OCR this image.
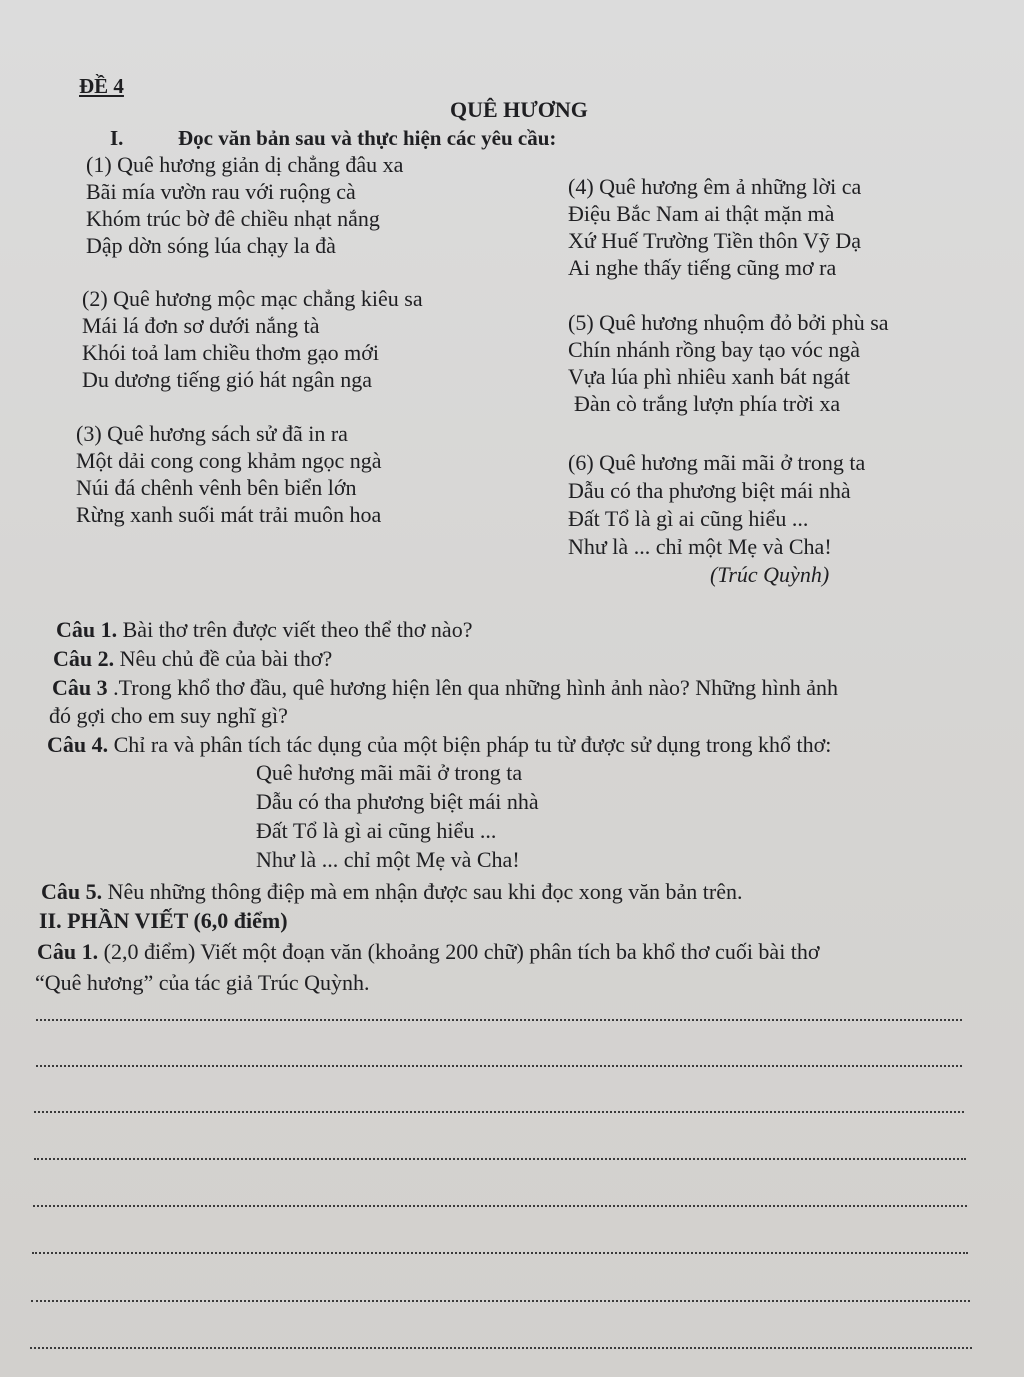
ĐỀ 4
QUÊ HƯƠNG
I.	Đọc văn bản sau và thực hiện các yêu cầu:
(1) Quê hương giản dị chẳng đâu xa
Bãi mía vườn rau với ruộng cà
Khóm trúc bờ đê chiều nhạt nắng
Dập dờn sóng lúa chạy la đà
(2) Quê hương mộc mạc chẳng kiêu sa
Mái lá đơn sơ dưới nắng tà
Khói toả lam chiều thơm gạo mới
Du dương tiếng gió hát ngân nga
(3) Quê hương sách sử đã in ra
Một dải cong cong khảm ngọc ngà
Núi đá chênh vênh bên biển lớn
Rừng xanh suối mát trải muôn hoa
(4) Quê hương êm ả những lời ca
Điệu Bắc Nam ai thật mặn mà
Xứ Huế Trường Tiền thôn Vỹ Dạ
Ai nghe thấy tiếng cũng mơ ra
(5) Quê hương nhuộm đỏ bởi phù sa
Chín nhánh rồng bay tạo vóc ngà
Vựa lúa phì nhiêu xanh bát ngát
Đàn cò trắng lượn phía trời xa
(6) Quê hương mãi mãi ở trong ta
Dẫu có tha phương biệt mái nhà
Đất Tổ là gì ai cũng hiểu ...
Như là ... chỉ một Mẹ và Cha!
(Trúc Quỳnh)
Câu 1. Bài thơ trên được viết theo thể thơ nào?
Câu 2. Nêu chủ đề của bài thơ?
Câu 3 .Trong khổ thơ đầu, quê hương hiện lên qua những hình ảnh nào? Những hình ảnh
đó gợi cho em suy nghĩ gì?
Câu 4. Chỉ ra và phân tích tác dụng của một biện pháp tu từ được sử dụng trong khổ thơ:
Quê hương mãi mãi ở trong ta
Dẫu có tha phương biệt mái nhà
Đất Tổ là gì ai cũng hiểu ...
Như là ... chỉ một Mẹ và Cha!
Câu 5. Nêu những thông điệp mà em nhận được sau khi đọc xong văn bản trên.
II. PHẦN VIẾT (6,0 điểm)
Câu 1. (2,0 điểm) Viết một đoạn văn (khoảng 200 chữ) phân tích ba khổ thơ cuối bài thơ
“Quê hương” của tác giả Trúc Quỳnh.
